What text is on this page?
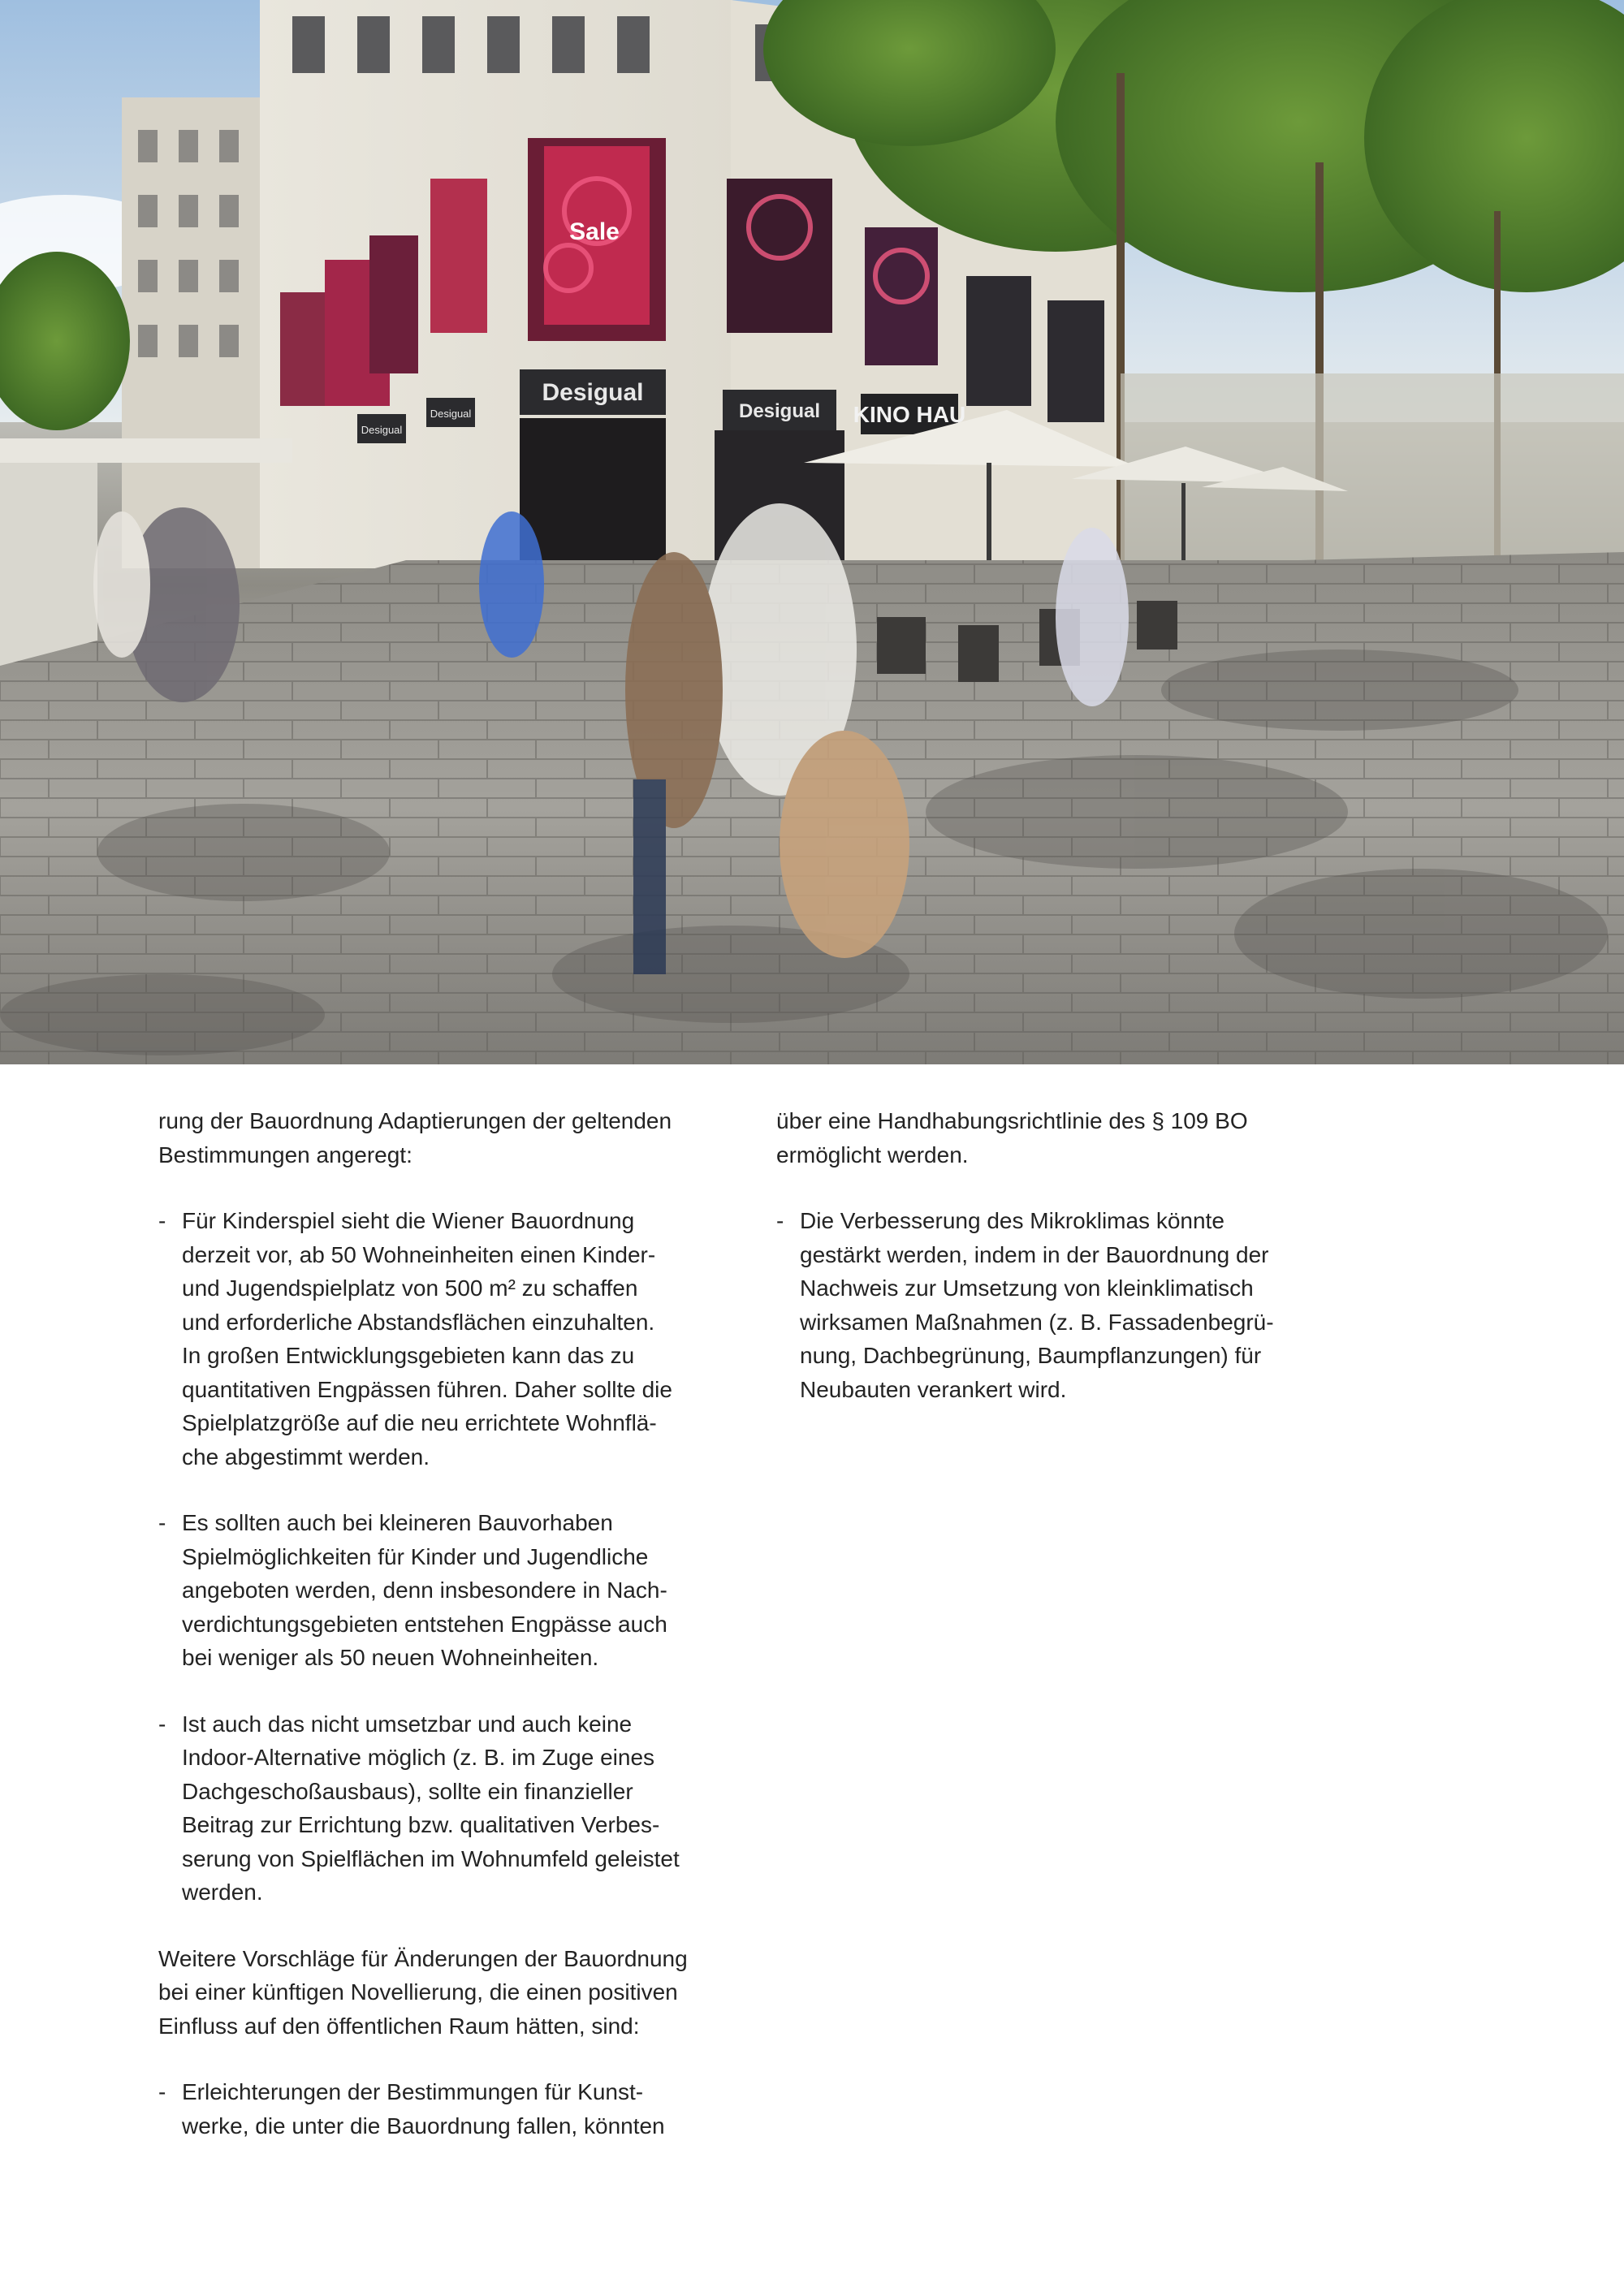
Desigual
Desigual
Desigual
Desigual
Sale
KINO HAU

rung der Bauordnung Adaptierungen der geltenden
Bestimmungen angeregt:

- Für Kinderspiel sieht die Wiener Bauordnung
derzeit vor, ab 50 Wohneinheiten einen Kinder-
und Jugendspielplatz von 500 m² zu schaffen
und erforderliche Abstandsflächen einzuhalten.
In großen Entwicklungsgebieten kann das zu
quantitativen Engpässen führen. Daher sollte die
Spielplatzgröße auf die neu errichtete Wohnflä-
che abgestimmt werden.
- Es sollten auch bei kleineren Bauvorhaben
Spielmöglichkeiten für Kinder und Jugendliche
angeboten werden, denn insbesondere in Nach-
verdichtungsgebieten entstehen Engpässe auch
bei weniger als 50 neuen Wohneinheiten.
- Ist auch das nicht umsetzbar und auch keine
Indoor-Alternative möglich (z. B. im Zuge eines
Dachgeschoßausbaus), sollte ein finanzieller
Beitrag zur Errichtung bzw. qualitativen Verbes-
serung von Spielflächen im Wohnumfeld geleistet
werden.

Weitere Vorschläge für Änderungen der Bauordnung
bei einer künftigen Novellierung, die einen positiven
Einfluss auf den öffentlichen Raum hätten, sind:

- Erleichterungen der Bestimmungen für Kunst-
werke, die unter die Bauordnung fallen, könnten

über eine Handhabungsrichtlinie des § 109 BO
ermöglicht werden.

- Die Verbesserung des Mikroklimas könnte
gestärkt werden, indem in der Bauordnung der
Nachweis zur Umsetzung von kleinklimatisch
wirksamen Maßnahmen (z. B. Fassadenbegrü-
nung, Dachbegrünung, Baumpflanzungen) für
Neubauten verankert wird.
